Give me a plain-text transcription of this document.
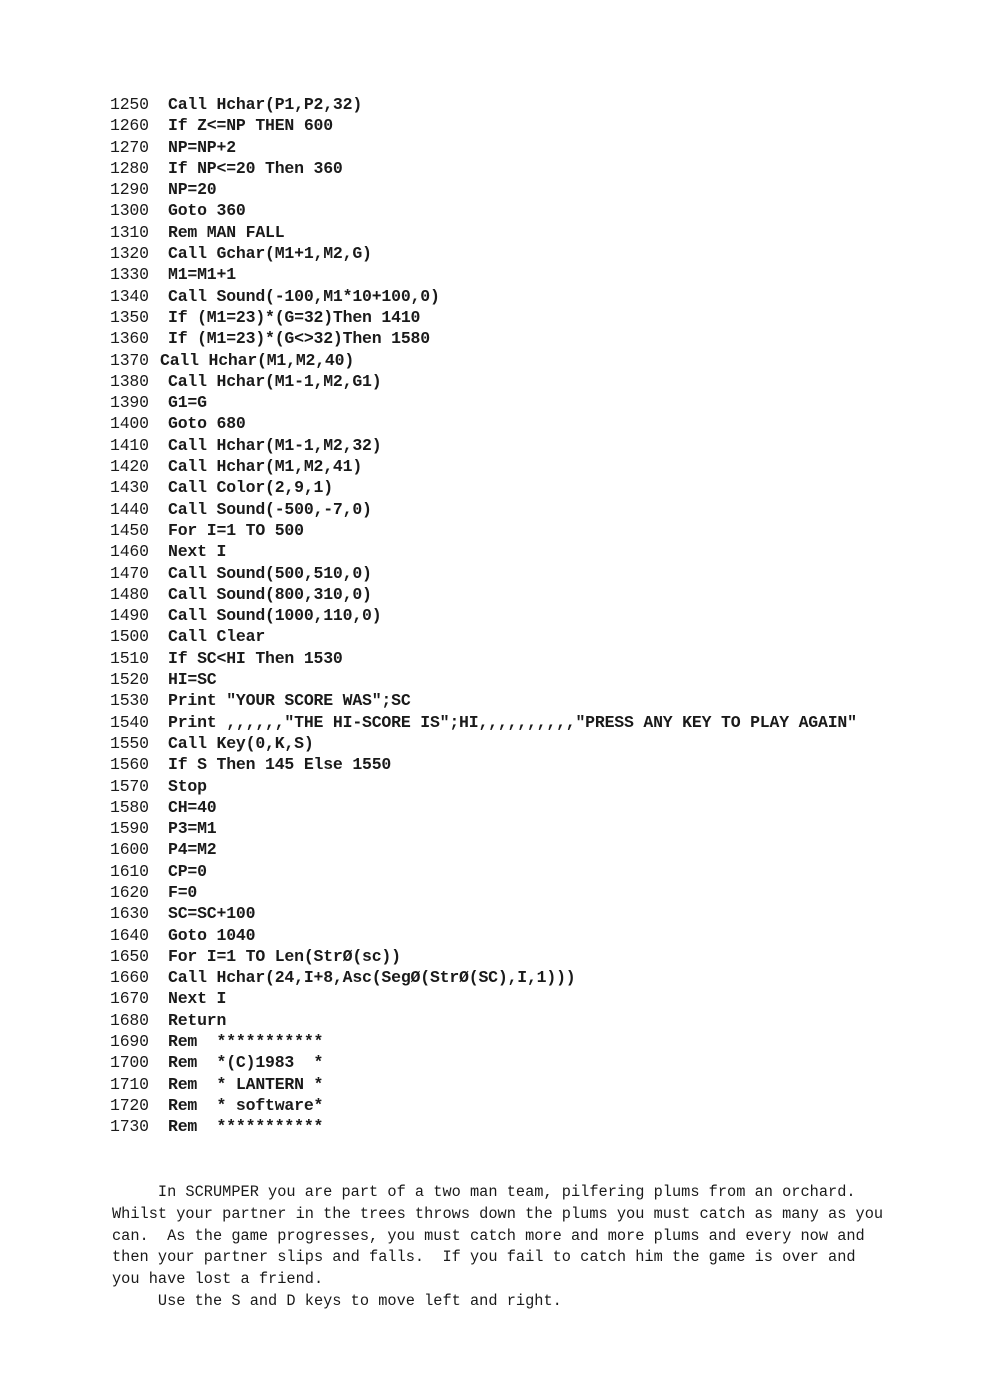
1250 Call Hchar(P1,P2,32)
1260 If Z<=NP THEN 600
1270 NP=NP+2
1280 If NP<=20 Then 360
1290 NP=20
1300 Goto 360
1310 Rem MAN FALL
1320 Call Gchar(M1+1,M2,G)
1330 M1=M1+1
1340 Call Sound(-100,M1*10+100,0)
1350 If (M1=23)*(G=32)Then 1410
1360 If (M1=23)*(G<>32)Then 1580
1370 Call Hchar(M1,M2,40)
1380 Call Hchar(M1-1,M2,G1)
1390 G1=G
1400 Goto 680
1410 Call Hchar(M1-1,M2,32)
1420 Call Hchar(M1,M2,41)
1430 Call Color(2,9,1)
1440 Call Sound(-500,-7,0)
1450 For I=1 TO 500
1460 Next I
1470 Call Sound(500,510,0)
1480 Call Sound(800,310,0)
1490 Call Sound(1000,110,0)
1500 Call Clear
1510 If SC<HI Then 1530
1520 HI=SC
1530 Print "YOUR SCORE WAS";SC
1540 Print ,,,,,,"THE HI-SCORE IS";HI,,,,,,,,,,"PRESS ANY KEY TO PLAY AGAIN"
1550 Call Key(0,K,S)
1560 If S Then 145 Else 1550
1570 Stop
1580 CH=40
1590 P3=M1
1600 P4=M2
1610 CP=0
1620 F=0
1630 SC=SC+100
1640 Goto 1040
1650 For I=1 TO Len(StrØ(sc))
1660 Call Hchar(24,I+8,Asc(SegØ(StrØ(SC),I,1)))
1670 Next I
1680 Return
1690 Rem  ***********
1700 Rem  *(C)1983  *
1710 Rem  * LANTERN *
1720 Rem  * software*
1730 Rem  ***********

In SCRUMPER you are part of a two man team, pilfering plums from an orchard.

Whilst your partner in the trees throws down the plums you must catch as many as you

can.  As the game progresses, you must catch more and more plums and every now and

then your partner slips and falls.  If you fail to catch him the game is over and

you have lost a friend.

Use the S and D keys to move left and right.
